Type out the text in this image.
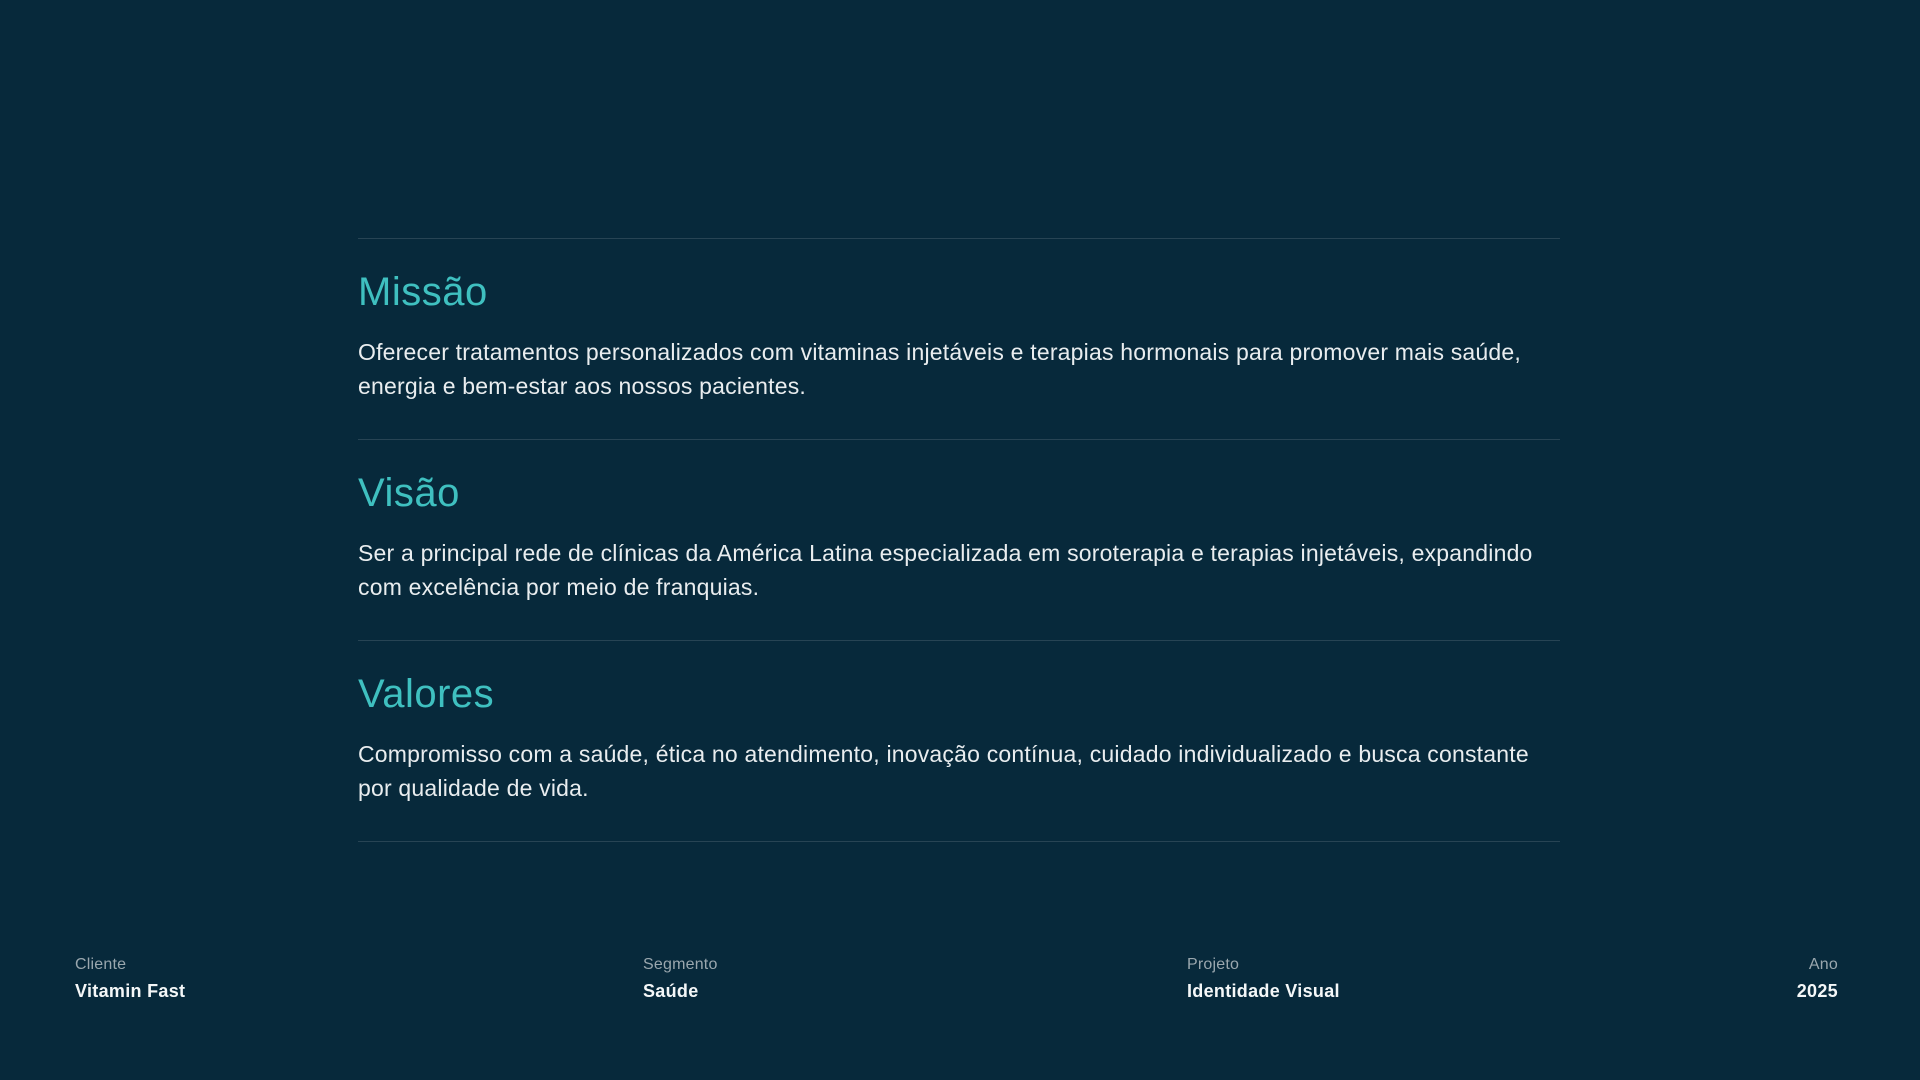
Missão

Oferecer tratamentos personalizados com vitaminas injetáveis e terapias hormonais para promover mais saúde, energia e bem-estar aos nossos pacientes.

Visão

Ser a principal rede de clínicas da América Latina especializada em soroterapia e terapias injetáveis, expandindo com excelência por meio de franquias.

Valores

Compromisso com a saúde, ética no atendimento, inovação contínua, cuidado individualizado e busca constante por qualidade de vida.

Cliente
Vitamin Fast
Segmento
Saúde
Projeto
Identidade Visual
Ano
2025
